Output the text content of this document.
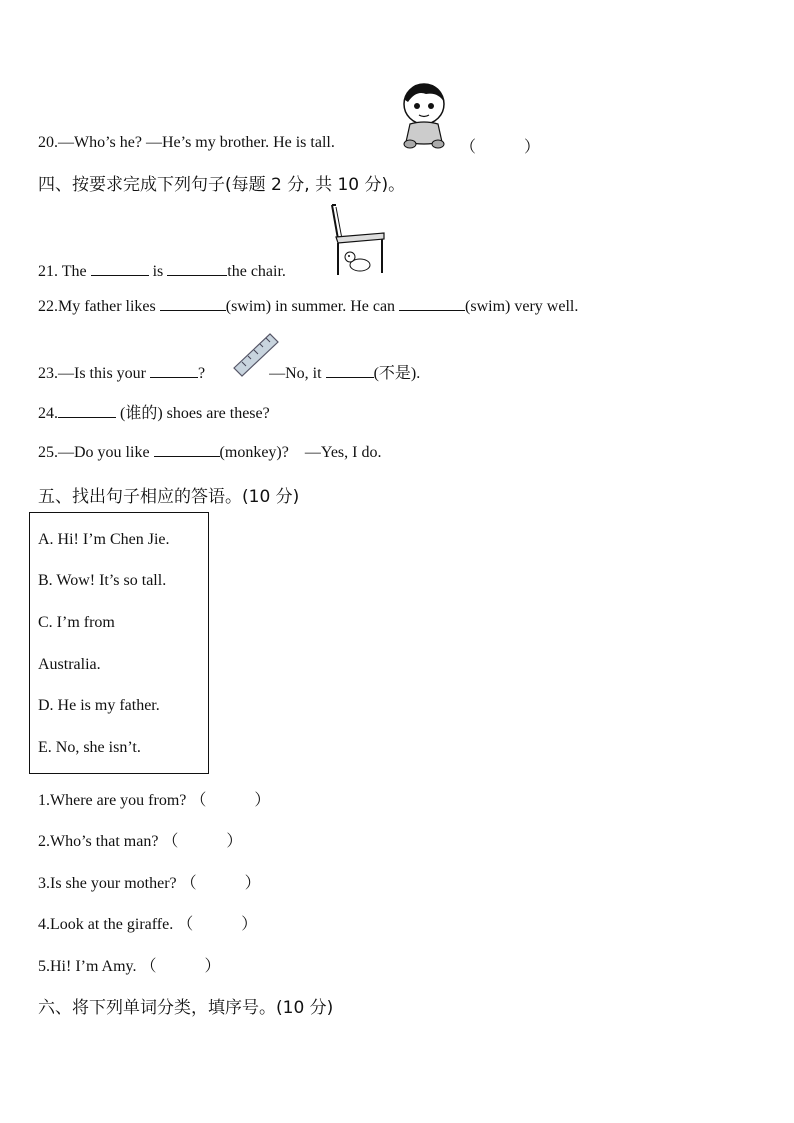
20.—Who’s he? —He’s my brother. He is tall.	（　　　）
四、按要求完成下列句子(每题 2 分, 共 10 分)。
21. The	is	the chair.
22.My father likes	(swim) in summer. He can	(swim) very well.
23.—Is this your	?	—No, it	(不是).
24.	(谁的) shoes are these?
25.—Do you like	(monkey)? —Yes, I do.
五、找出句子相应的答语。(10 分)
A. Hi! I’m Chen Jie.
B. Wow! It’s so tall.
C. I’m from
Australia.
D. He is my father.
E. No, she isn’t.
1.Where are you from? （　　　）
2.Who’s that man? （　　　）
3.Is she your mother? （　　　）
4.Look at the giraffe. （　　　）
5.Hi! I’m Amy. （　　　）
六、将下列单词分类，填序号。(10 分)
